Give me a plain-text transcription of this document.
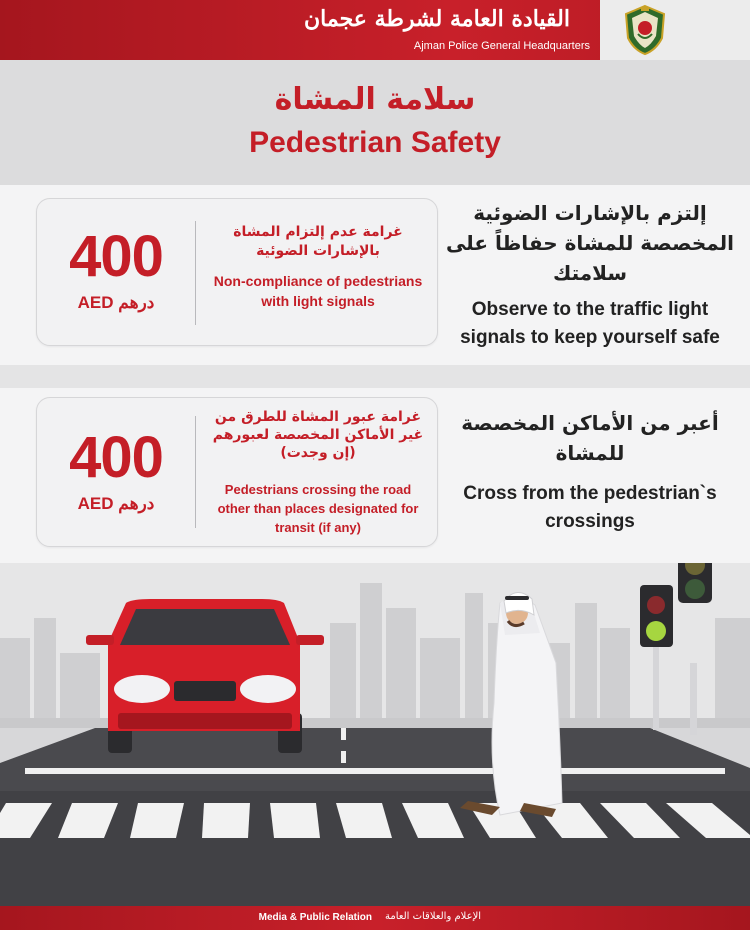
القيادة العامة لشرطة عجمان
Ajman Police General Headquarters
سلامة المشاة
Pedestrian Safety
400
AED درهم
غرامة عدم إلتزام المشاة بالإشارات الضوئية
Non-compliance of pedestrians with light signals
إلتزم بالإشارات الضوئية المخصصة للمشاة حفاظاً على سلامتك
Observe to the traffic light signals to keep yourself safe
400
AED درهم
غرامة عبور المشاة للطرق من غير الأماكن المخصصة لعبورهم (إن وجدت)
Pedestrians crossing the road other than places designated for transit (if any)
أعبر من الأماكن المخصصة للمشاة
Cross from the pedestrian`s crossings
Media & Public Relation الإعلام والعلاقات العامة
